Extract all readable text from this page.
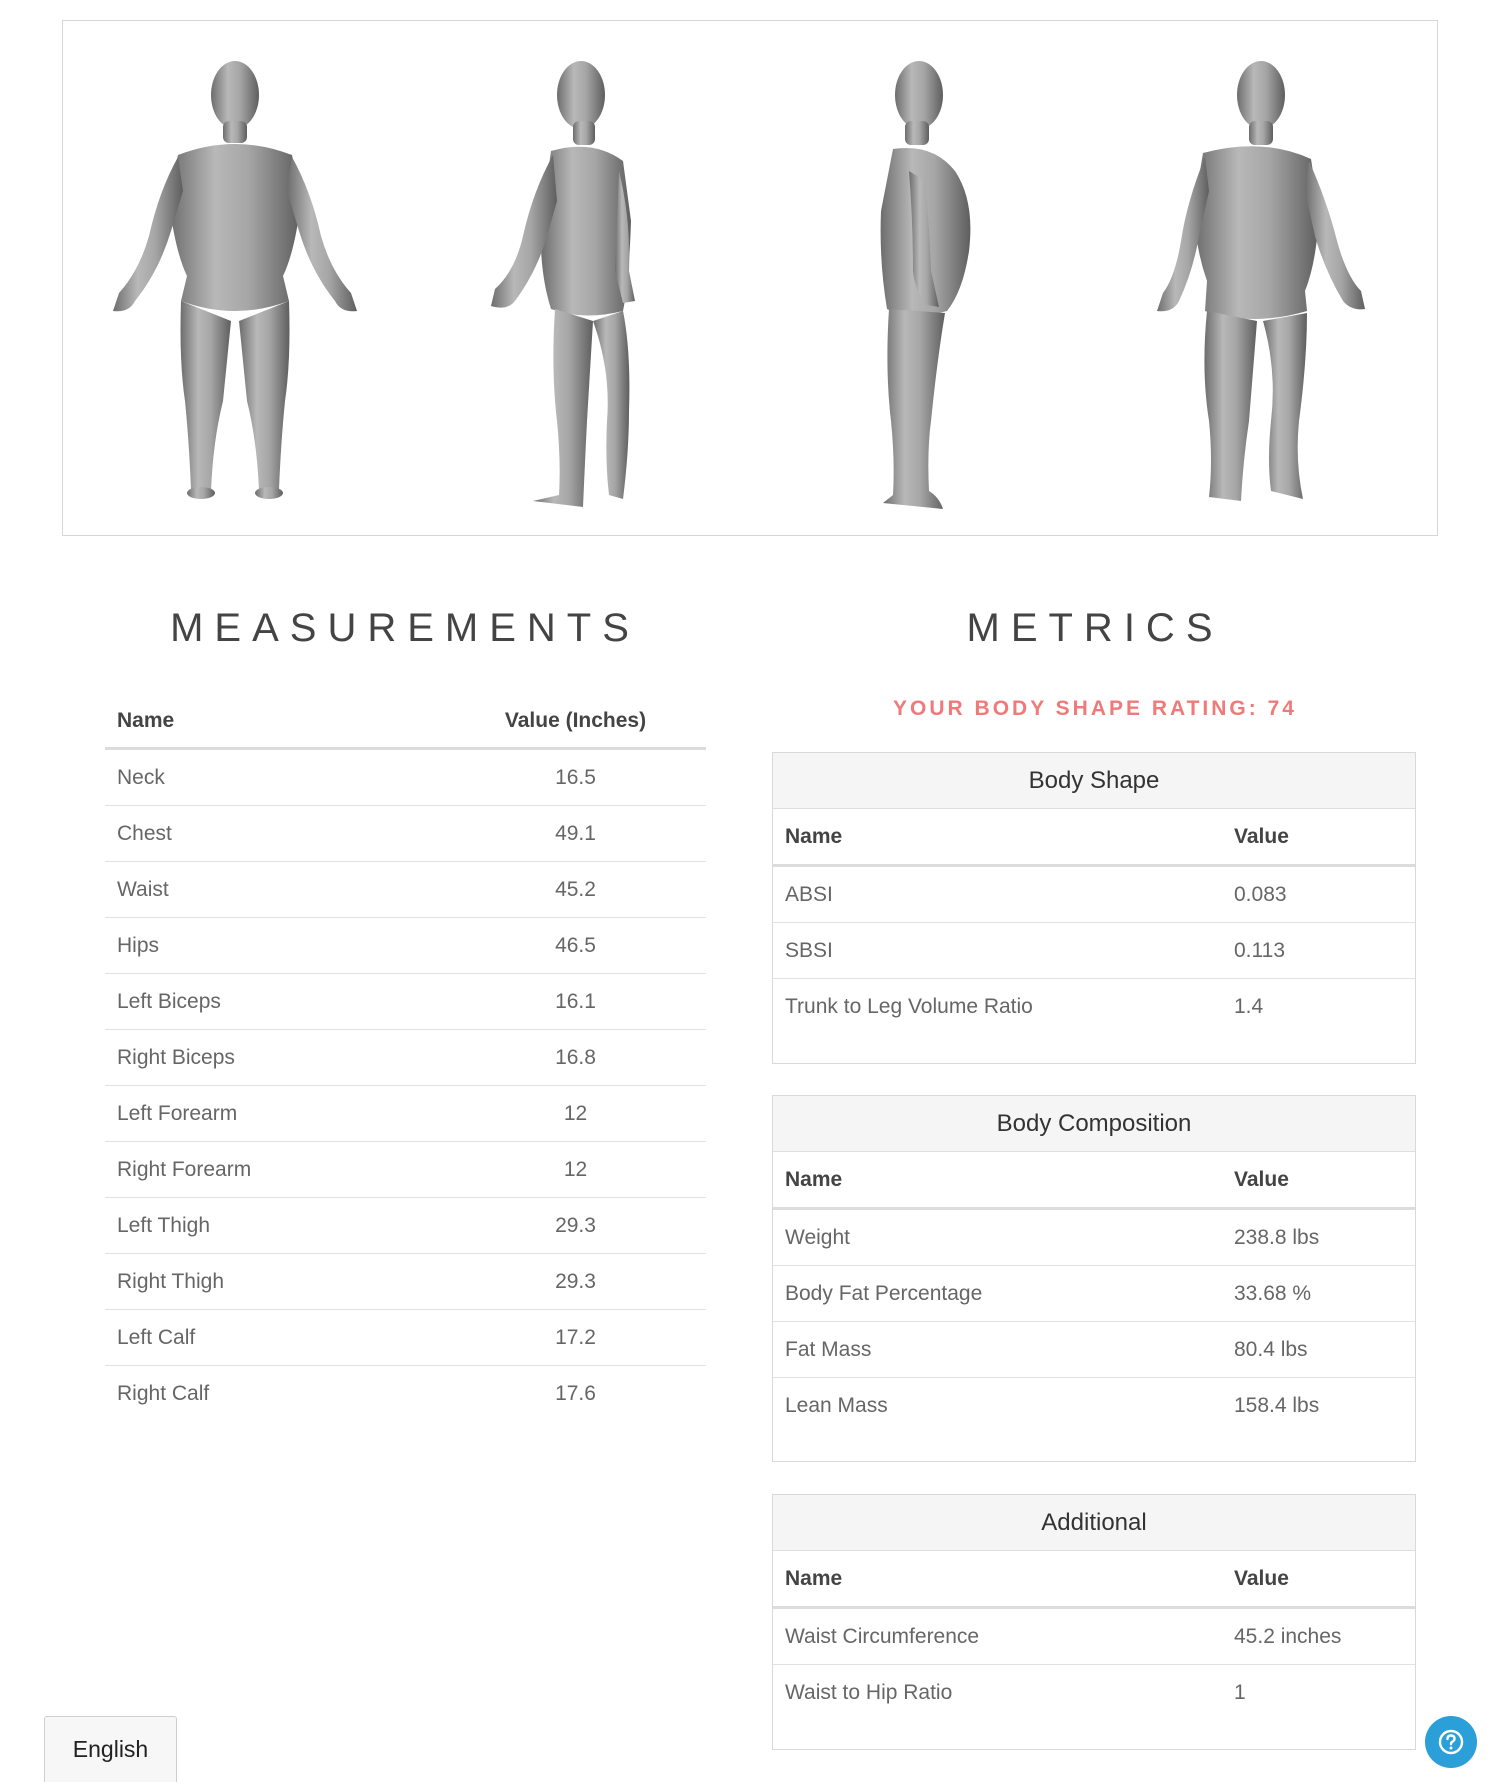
MEASUREMENTS	METRICS
Name	Value (Inches)
Neck	16.5
Chest	49.1
Waist	45.2
Hips	46.5
Left Biceps	16.1
Right Biceps	16.8
Left Forearm	12
Right Forearm	12
Left Thigh	29.3
Right Thigh	29.3
Left Calf	17.2
Right Calf	17.6
YOUR BODY SHAPE RATING: 74
Body Shape
Name	Value
ABSI	0.083
SBSI	0.113
Trunk to Leg Volume Ratio	1.4
Body Composition
Name	Value
Weight	238.8 lbs
Body Fat Percentage	33.68 %
Fat Mass	80.4 lbs
Lean Mass	158.4 lbs
Additional
Name	Value
Waist Circumference	45.2 inches
Waist to Hip Ratio	1
English
